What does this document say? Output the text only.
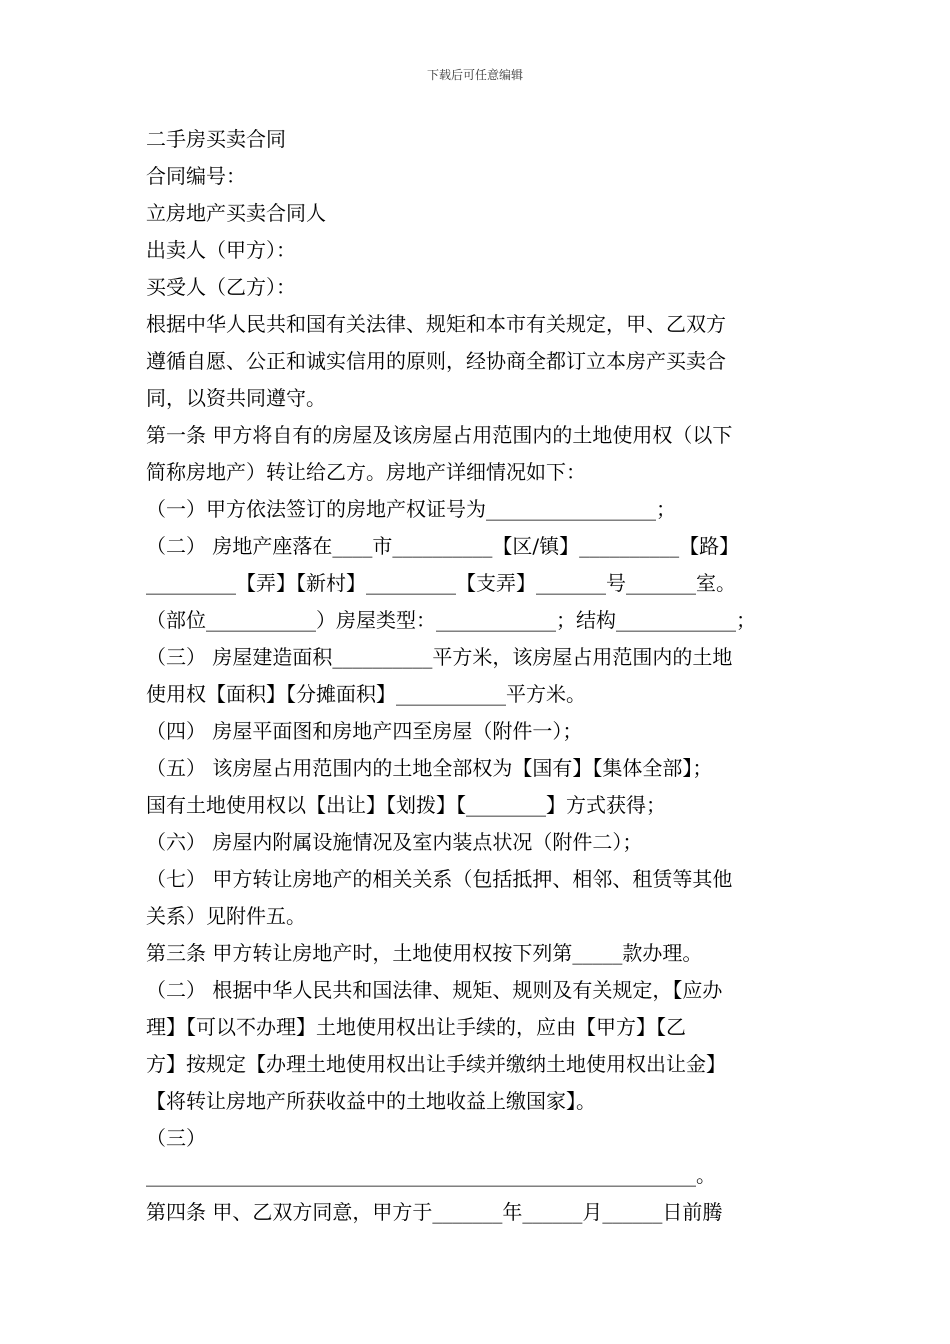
下载后可任意编辑
二手房买卖合同
合同编号：
立房地产买卖合同人
出卖人（甲方）：
买受人（乙方）：
根据中华人民共和国有关法律、规矩和本市有关规定，甲、乙双方
遵循自愿、公正和诚实信用的原则，经协商全都订立本房产买卖合
同，以资共同遵守。
第一条 甲方将自有的房屋及该房屋占用范围内的土地使用权（以下
简称房地产）转让给乙方。房地产详细情况如下：
（一）甲方依法签订的房地产权证号为_________________；
（二） 房地产座落在____市__________【区/镇】__________【路】
_________【弄】【新村】_________【支弄】_______号_______室。
（部位___________）房屋类型：____________；结构____________；
（三） 房屋建造面积__________平方米，该房屋占用范围内的土地
使用权【面积】【分摊面积】___________平方米。
（四） 房屋平面图和房地产四至房屋（附件一）；
（五） 该房屋占用范围内的土地全部权为【国有】【集体全部】；
国有土地使用权以【出让】【划拨】【________】方式获得；
（六） 房屋内附属设施情况及室内装点状况（附件二）；
（七） 甲方转让房地产的相关关系（包括抵押、相邻、租赁等其他
关系）见附件五。
第三条 甲方转让房地产时，土地使用权按下列第_____款办理。
（二） 根据中华人民共和国法律、规矩、规则及有关规定，【应办
理】【可以不办理】土地使用权出让手续的，应由【甲方】【乙
方】按规定【办理土地使用权出让手续并缴纳土地使用权出让金】
【将转让房地产所获收益中的土地收益上缴国家】。
（三）
_______________________________________________________。
第四条 甲、乙双方同意，甲方于_______年______月______日前腾
